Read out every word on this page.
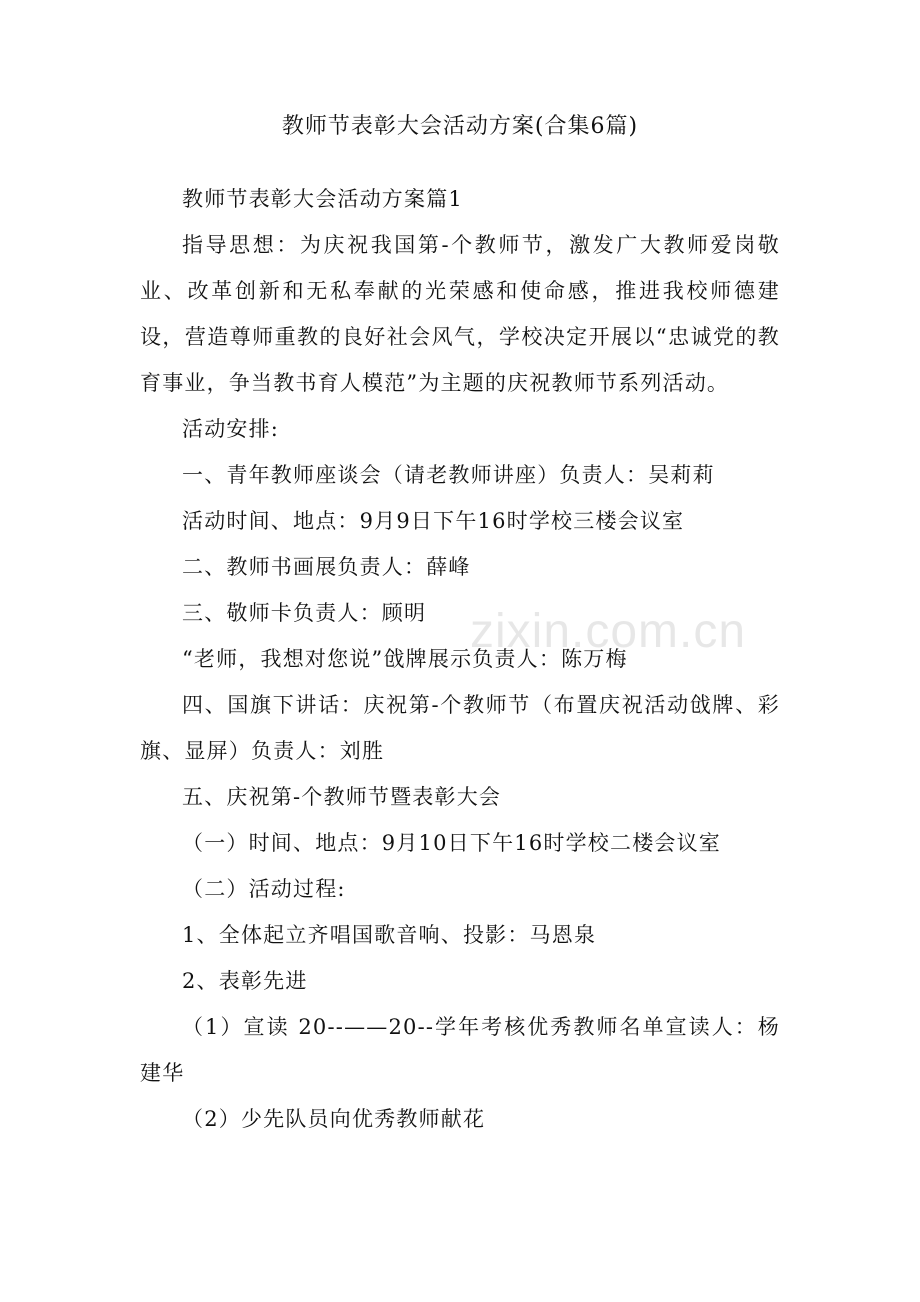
教师节表彰大会活动方案(合集6篇)

教师节表彰大会活动方案篇1

指导思想：为庆祝我国第-个教师节，激发广大教师爱岗敬业、改革创新和无私奉献的光荣感和使命感，推进我校师德建设，营造尊师重教的良好社会风气，学校决定开展以“忠诚党的教育事业，争当教书育人模范”为主题的庆祝教师节系列活动。

活动安排:

一、青年教师座谈会（请老教师讲座）负责人：吴莉莉

活动时间、地点：9月9日下午16时学校三楼会议室

二、教师书画展负责人：薛峰

三、敬师卡负责人：顾明

“老师，我想对您说”戗牌展示负责人：陈万梅

四、国旗下讲话：庆祝第-个教师节（布置庆祝活动戗牌、彩旗、显屏）负责人：刘胜

五、庆祝第-个教师节暨表彰大会

（一）时间、地点：9月10日下午16时学校二楼会议室

（二）活动过程:

1、全体起立齐唱国歌音响、投影：马恩泉

2、表彰先进

（1）宣读 20--——20--学年考核优秀教师名单宣读人：杨建华

（2）少先队员向优秀教师献花

zixin.com.cn
